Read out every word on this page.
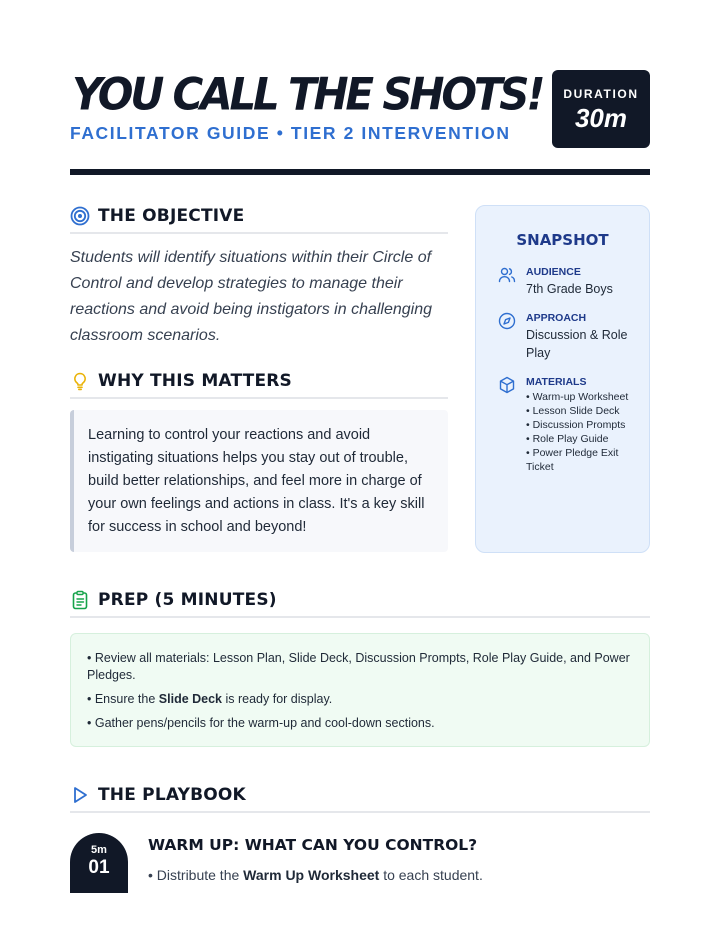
YOU CALL THE SHOTS!
FACILITATOR GUIDE • TIER 2 INTERVENTION
DURATION
30m
THE OBJECTIVE
Students will identify situations within their Circle of Control and develop strategies to manage their reactions and avoid being instigators in challenging classroom scenarios.
WHY THIS MATTERS
Learning to control your reactions and avoid instigating situations helps you stay out of trouble, build better relationships, and feel more in charge of your own feelings and actions in class. It's a key skill for success in school and beyond!
SNAPSHOT
AUDIENCE
7th Grade Boys
APPROACH
Discussion & Role Play
MATERIALS
• Warm-up Worksheet
• Lesson Slide Deck
• Discussion Prompts
• Role Play Guide
• Power Pledge Exit Ticket
PREP (5 MINUTES)

• Review all materials: Lesson Plan, Slide Deck, Discussion Prompts, Role Play Guide, and Power Pledges.

• Ensure the Slide Deck is ready for display.

• Gather pens/pencils for the warm-up and cool-down sections.

THE PLAYBOOK
5m
01
WARM UP: WHAT CAN YOU CONTROL?
• Distribute the Warm Up Worksheet to each student.
